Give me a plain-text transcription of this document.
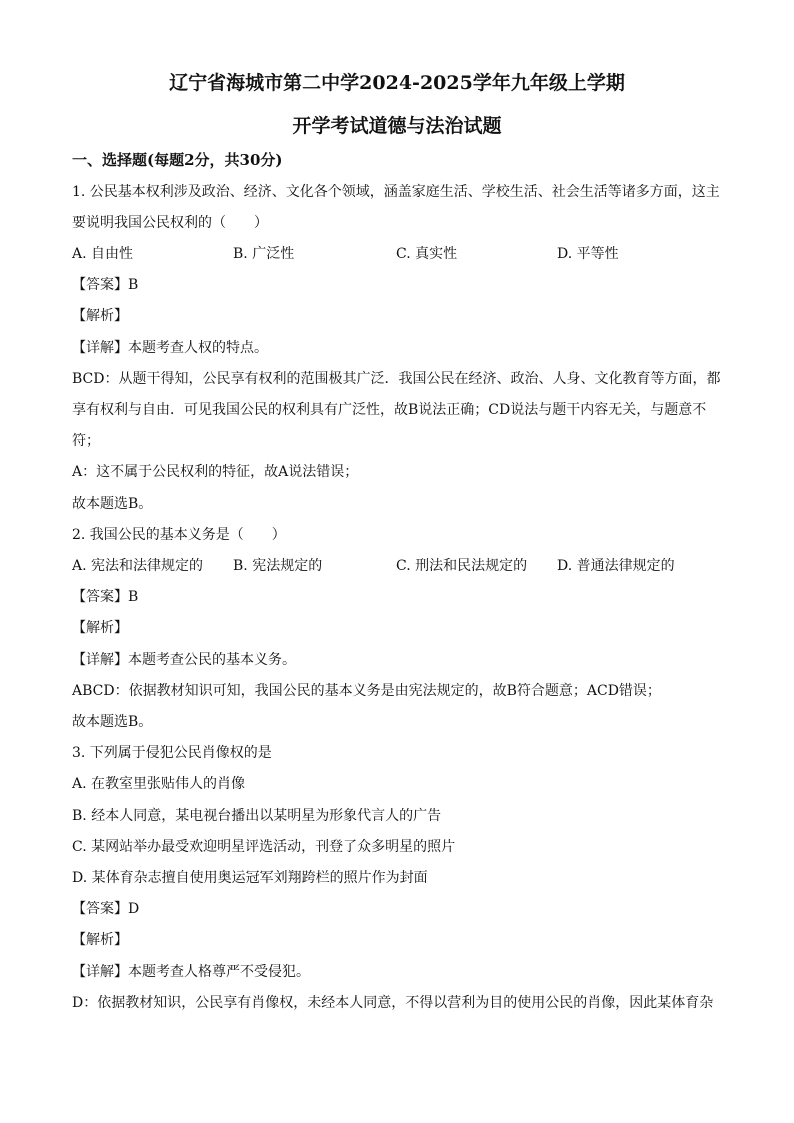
辽宁省海城市第二中学2024-2025学年九年级上学期
开学考试道德与法治试题
一、选择题(每题2分，共30分)
1. 公民基本权利涉及政治、经济、文化各个领域，涵盖家庭生活、学校生活、社会生活等诸多方面，这主
要说明我国公民权利的（　　）
A. 自由性	B. 广泛性	C. 真实性	D. 平等性
【答案】B
【解析】
【详解】本题考查人权的特点。
BCD：从题干得知，公民享有权利的范围极其广泛．我国公民在经济、政治、人身、文化教育等方面，都
享有权利与自由．可见我国公民的权利具有广泛性，故B说法正确；CD说法与题干内容无关，与题意不
符；
A：这不属于公民权利的特征，故A说法错误；
故本题选B。
2. 我国公民的基本义务是（　　）
A. 宪法和法律规定的 B. 宪法规定的	C. 刑法和民法规定的 D. 普通法律规定的
【答案】B
【解析】
【详解】本题考查公民的基本义务。
ABCD：依据教材知识可知，我国公民的基本义务是由宪法规定的，故B符合题意；ACD错误；
故本题选B。
3. 下列属于侵犯公民肖像权的是
A. 在教室里张贴伟人的肖像
B. 经本人同意，某电视台播出以某明星为形象代言人的广告
C. 某网站举办最受欢迎明星评选活动，刊登了众多明星的照片
D. 某体育杂志擅自使用奥运冠军刘翔跨栏的照片作为封面
【答案】D
【解析】
【详解】本题考查人格尊严不受侵犯。
D：依据教材知识，公民享有肖像权，未经本人同意，不得以营利为目的使用公民的肖像，因此某体育杂
